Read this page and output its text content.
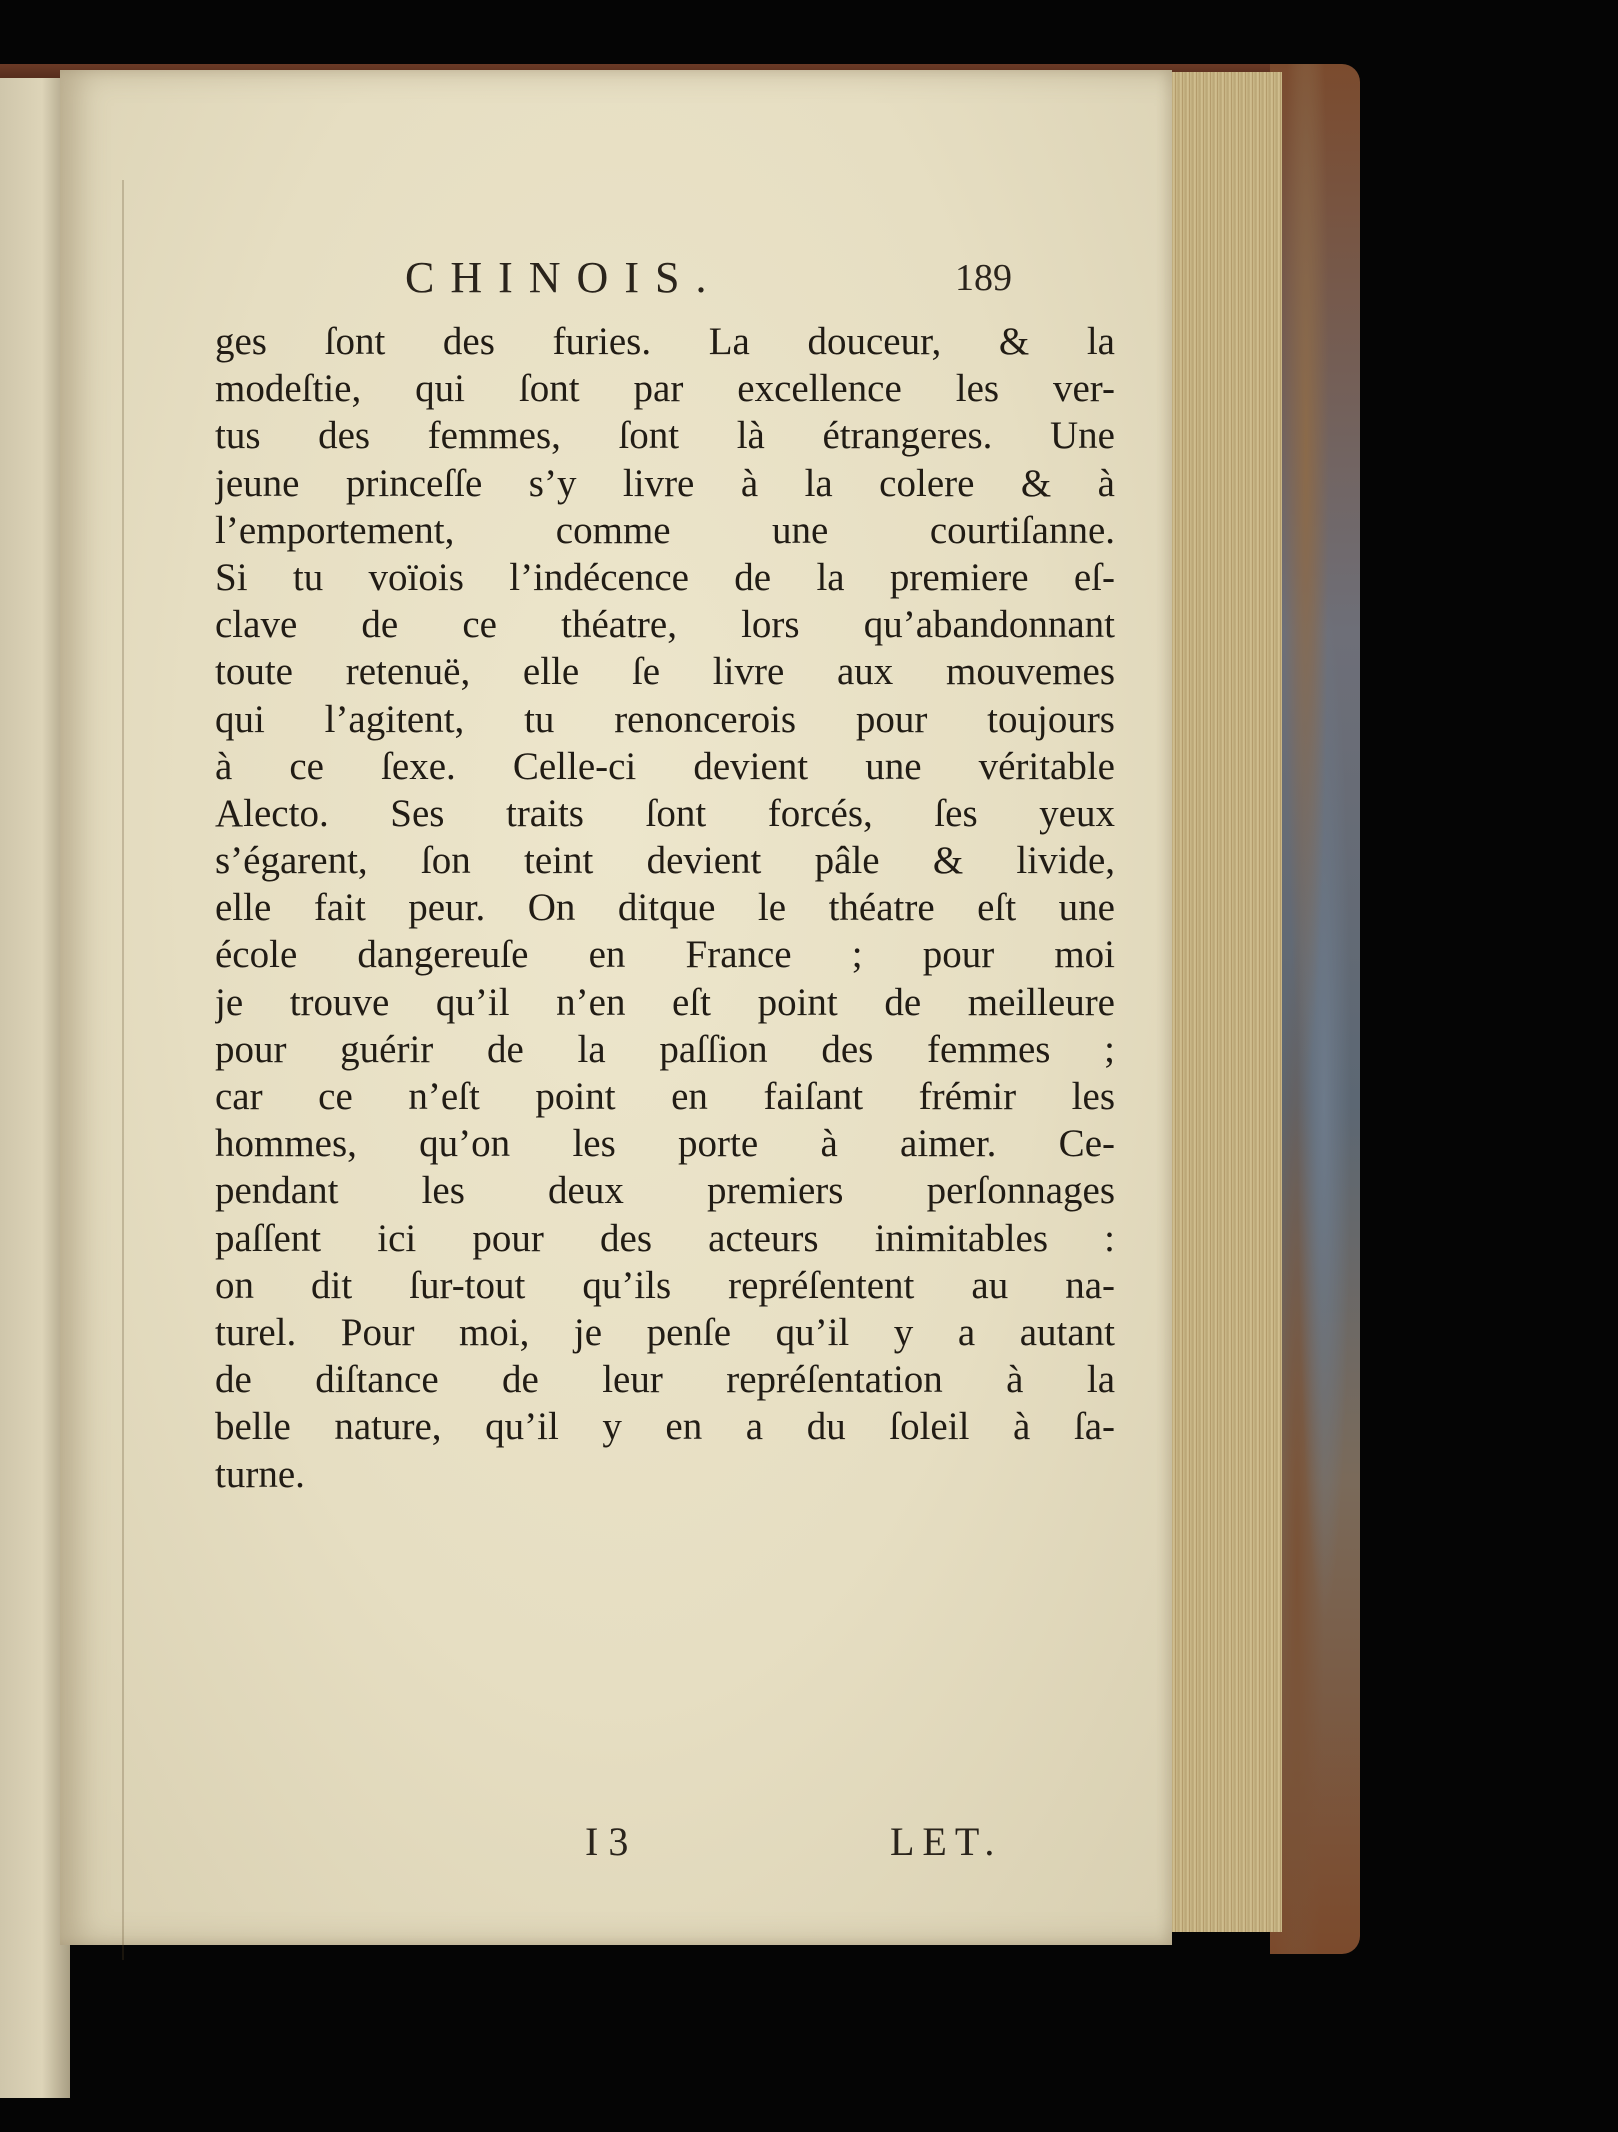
CHINOIS.	189
ges ſont des furies. La douceur, & la
modeſtie, qui ſont par excellence les ver-
tus des femmes, ſont là étrangeres. Une
jeune princeſſe s’y livre à la colere & à
l’emportement, comme une courtiſanne.
Si tu voïois l’indécence de la premiere eſ-
clave de ce théatre, lors qu’abandonnant
toute retenuë, elle ſe livre aux mouvemes
qui l’agitent, tu renoncerois pour toujours
à ce ſexe. Celle-ci devient une véritable
Alecto. Ses traits ſont forcés, ſes yeux
s’égarent, ſon teint devient pâle & livide,
elle fait peur. On ditque le théatre eſt une
école dangereuſe en France ; pour moi
je trouve qu’il n’en eſt point de meilleure
pour guérir de la paſſion des femmes ;
car ce n’eſt point en faiſant frémir les
hommes, qu’on les porte à aimer. Ce-
pendant les deux premiers perſonnages
paſſent ici pour des acteurs inimitables :
on dit ſur-tout qu’ils repréſentent au na-
turel. Pour moi, je penſe qu’il y a autant
de diſtance de leur repréſentation à la
belle nature, qu’il y en a du ſoleil à ſa-
turne.
I 3	LET.
